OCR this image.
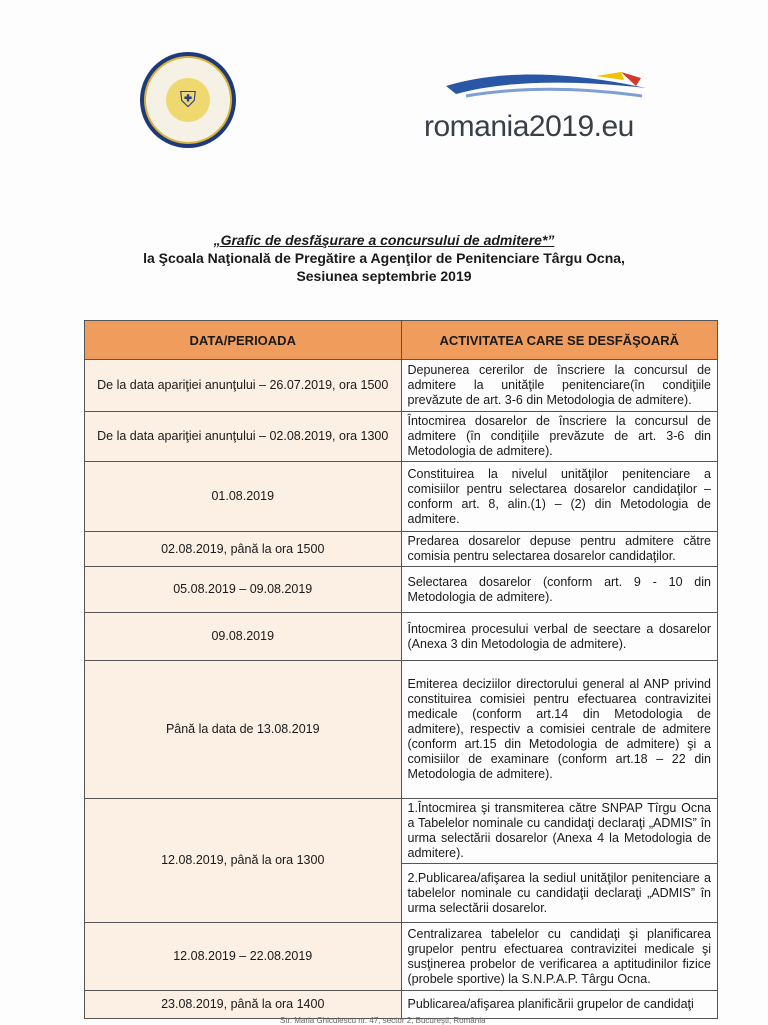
⛨
romania2019.eu
„Grafic de desfăşurare a concursului de admitere*”
la Şcoala Naţională de Pregătire a Agenţilor de Penitenciare Târgu Ocna,
Sesiunea septembrie 2019
DATA/PERIOADA	ACTIVITATEA CARE SE DESFĂŞOARĂ
De la data apariţiei anunţului – 26.07.2019, ora 1500	Depunerea cererilor de înscriere la concursul de admitere la unităţile penitenciare(în condiţiile prevăzute de art. 3-6 din Metodologia de admitere).
De la data apariţiei anunţului – 02.08.2019, ora 1300	Întocmirea dosarelor de înscriere la concursul de admitere (în condiţiile prevăzute de art. 3-6 din Metodologia de admitere).
01.08.2019	Constituirea la nivelul unităţilor penitenciare a comisiilor pentru selectarea dosarelor candidaţilor – conform art. 8, alin.(1) – (2) din Metodologia de admitere.
02.08.2019, până la ora 1500	Predarea dosarelor depuse pentru admitere către comisia pentru selectarea dosarelor candidaţilor.
05.08.2019 – 09.08.2019	Selectarea dosarelor (conform art. 9 - 10 din Metodologia de admitere).
09.08.2019	Întocmirea procesului verbal de seectare a dosarelor (Anexa 3 din Metodologia de admitere).
Până la data de 13.08.2019	Emiterea deciziilor directorului general al ANP privind constituirea comisiei pentru efectuarea contravizitei medicale (conform art.14 din Metodologia de admitere), respectiv a comisiei centrale de admitere (conform art.15 din Metodologia de admitere) şi a comisiilor de examinare (conform art.18 – 22 din Metodologia de admitere).
12.08.2019, până la ora 1300	1.Întocmirea şi transmiterea către SNPAP Tîrgu Ocna a Tabelelor nominale cu candidaţi declaraţi „ADMIS” în urma selectării dosarelor (Anexa 4 la Metodologia de admitere).
	2.Publicarea/afişarea la sediul unităţilor penitenciare a tabelelor nominale cu candidaţii declaraţi „ADMIS” în urma selectării dosarelor.
12.08.2019 – 22.08.2019	Centralizarea tabelelor cu candidaţi şi planificarea grupelor pentru efectuarea contravizitei medicale şi susţinerea probelor de verificarea a aptitudinilor fizice (probele sportive) la S.N.P.A.P. Târgu Ocna.
23.08.2019, până la ora 1400	Publicarea/afişarea planificării grupelor de candidaţi
Str. Maria Ghiculescu nr. 47, sector 2, Bucureşti, România
